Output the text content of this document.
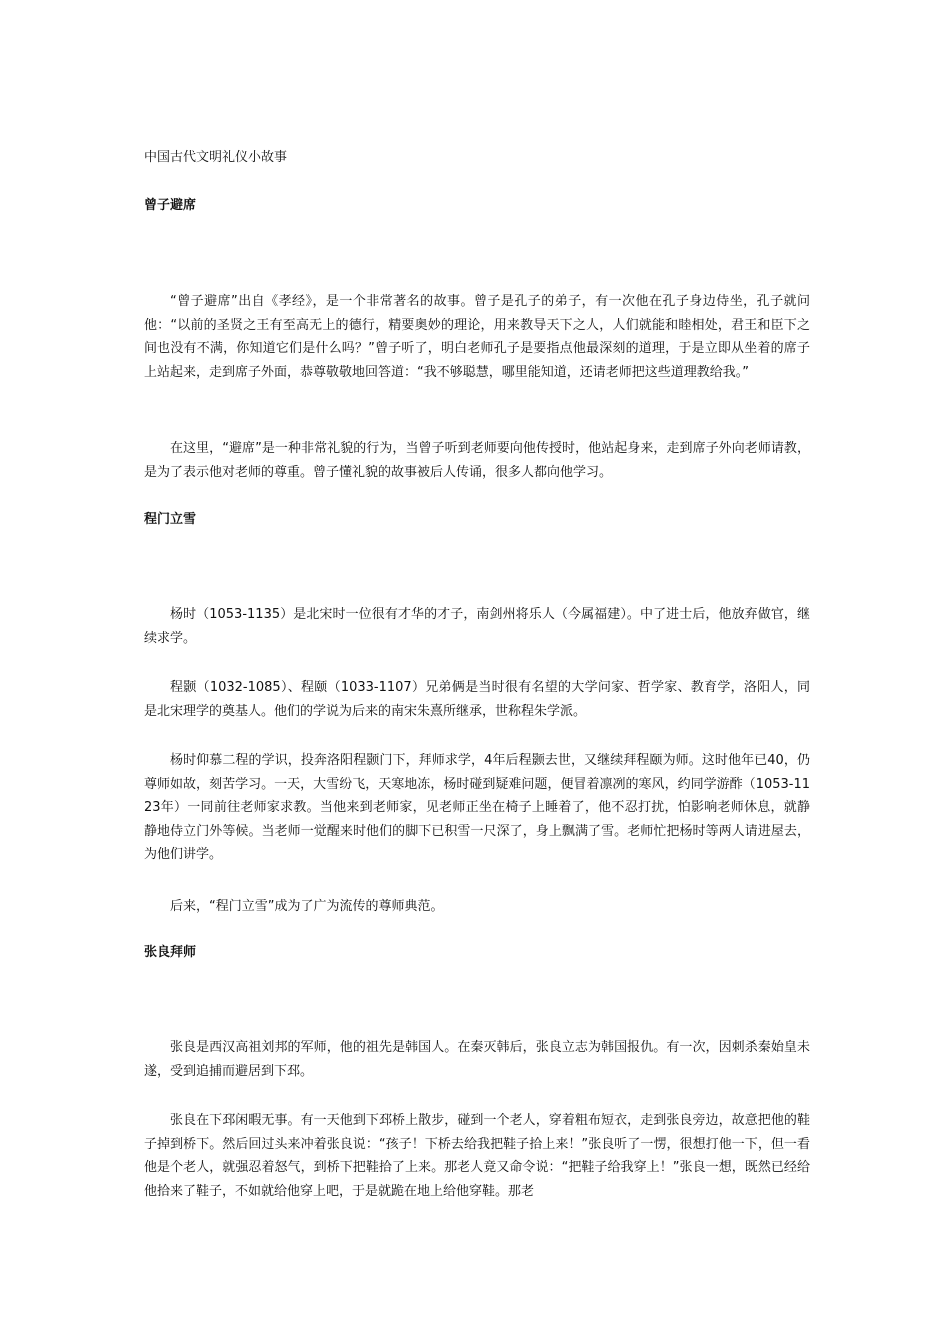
中国古代文明礼仪小故事
曾子避席

“曾子避席”出自《孝经》，是一个非常著名的故事。曾子是孔子的弟子，有一次他在孔子身边侍坐，孔子就问他：“以前的圣贤之王有至高无上的德行，精要奥妙的理论，用来教导天下之人，人们就能和睦相处，君王和臣下之间也没有不满，你知道它们是什么吗？”曾子听了，明白老师孔子是要指点他最深刻的道理，于是立即从坐着的席子上站起来，走到席子外面，恭尊敬敬地回答道：“我不够聪慧，哪里能知道，还请老师把这些道理教给我。”

在这里，“避席”是一种非常礼貌的行为，当曾子听到老师要向他传授时，他站起身来，走到席子外向老师请教，是为了表示他对老师的尊重。曾子懂礼貌的故事被后人传诵，很多人都向他学习。

程门立雪

杨时（1053-1135）是北宋时一位很有才华的才子，南剑州将乐人（今属福建）。中了进士后，他放弃做官，继续求学。

程颢（1032-1085）、程颐（1033-1107）兄弟俩是当时很有名望的大学问家、哲学家、教育学，洛阳人，同是北宋理学的奠基人。他们的学说为后来的南宋朱熹所继承，世称程朱学派。

杨时仰慕二程的学识，投奔洛阳程颢门下，拜师求学，4年后程颢去世，又继续拜程颐为师。这时他年已40，仍尊师如故，刻苦学习。一天，大雪纷飞，天寒地冻，杨时碰到疑难问题，便冒着凛冽的寒风，约同学游酢（1053-1123年）一同前往老师家求教。当他来到老师家，见老师正坐在椅子上睡着了，他不忍打扰，怕影响老师休息，就静静地侍立门外等候。当老师一觉醒来时他们的脚下已积雪一尺深了，身上飘满了雪。老师忙把杨时等两人请进屋去，为他们讲学。

后来，“程门立雪”成为了广为流传的尊师典范。

张良拜师

张良是西汉高祖刘邦的军师，他的祖先是韩国人。在秦灭韩后，张良立志为韩国报仇。有一次，因刺杀秦始皇未遂，受到追捕而避居到下邳。

张良在下邳闲暇无事。有一天他到下邳桥上散步，碰到一个老人，穿着粗布短衣，走到张良旁边，故意把他的鞋子掉到桥下。然后回过头来冲着张良说：“孩子！下桥去给我把鞋子拾上来！”张良听了一愣，很想打他一下，但一看他是个老人，就强忍着怒气，到桥下把鞋拾了上来。那老人竟又命令说：“把鞋子给我穿上！”张良一想，既然已经给他拾来了鞋子，不如就给他穿上吧，于是就跪在地上给他穿鞋。那老
